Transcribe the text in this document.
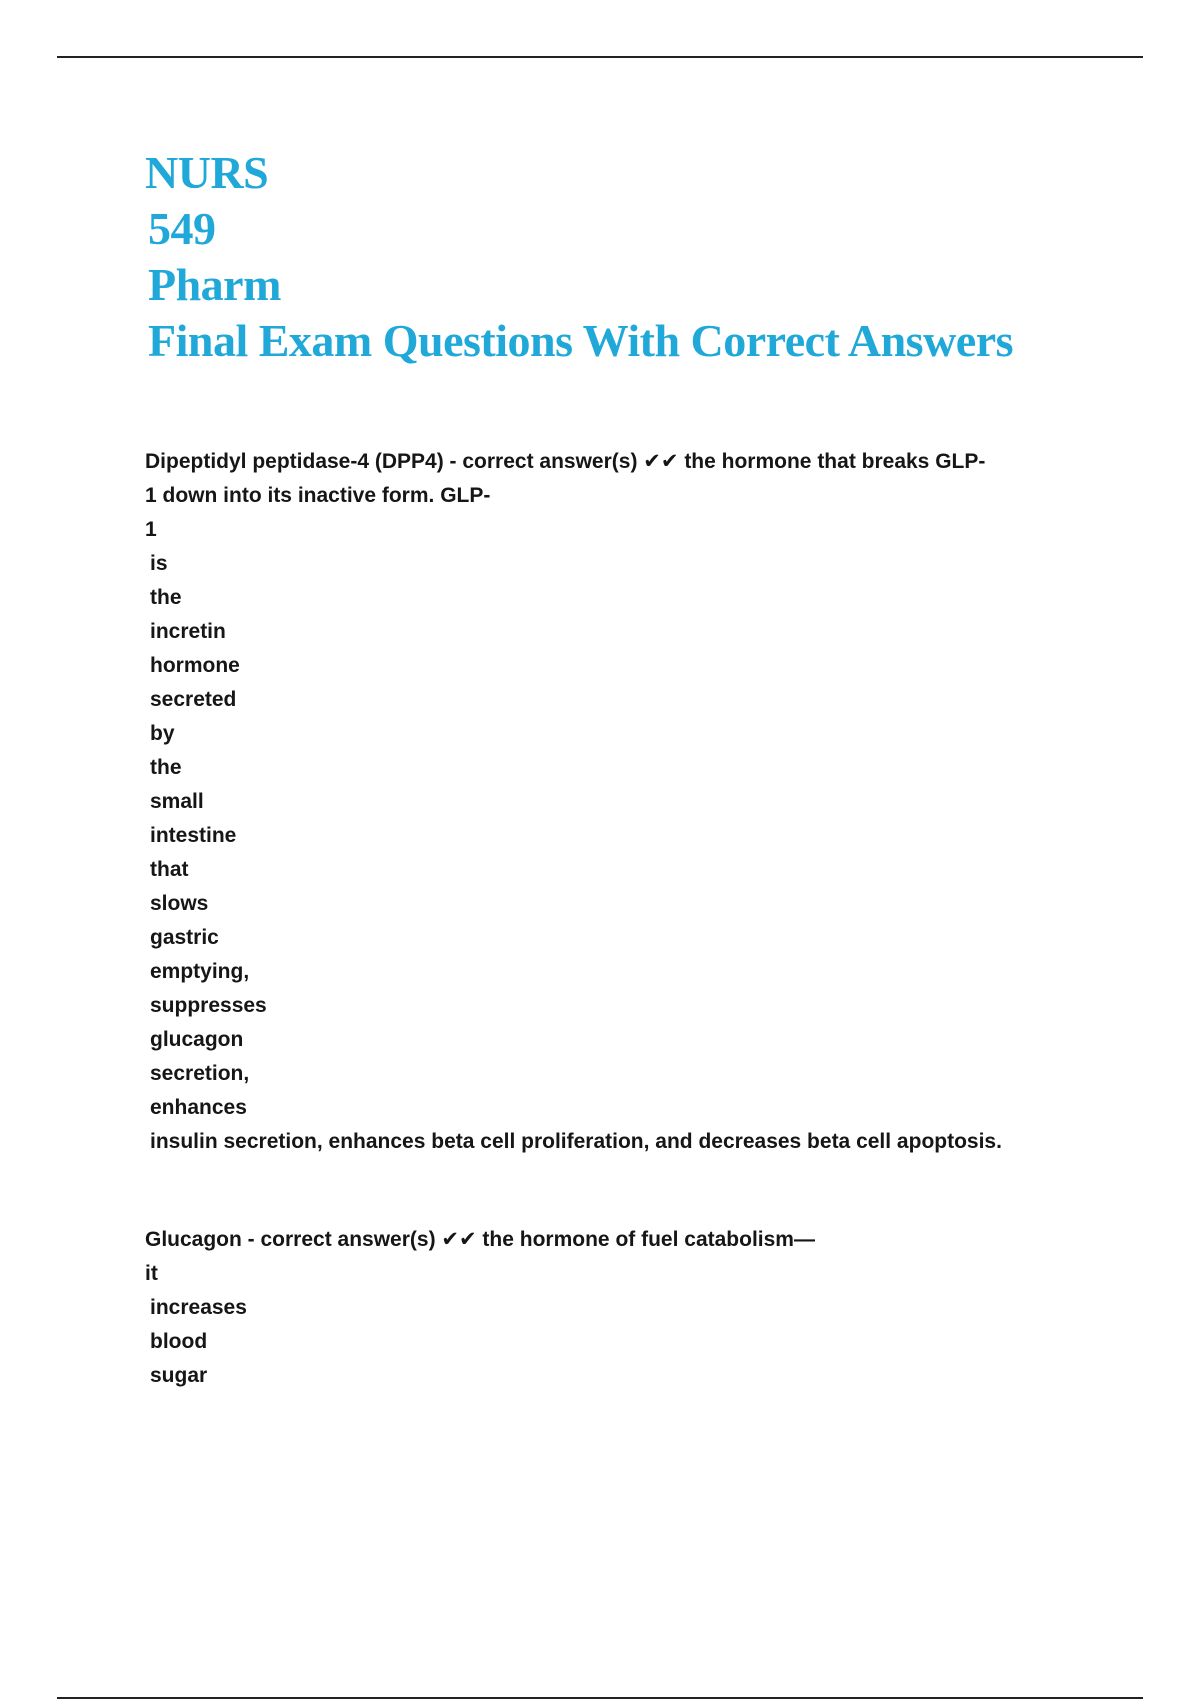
NURS
549
Pharm
Final Exam Questions With Correct Answers
Dipeptidyl peptidase-4 (DPP4) - correct answer(s) ✔✔ the hormone that breaks GLP-
1 down into its inactive form. GLP-
1
is
the
incretin
hormone
secreted
by
the
small
intestine
that
slows
gastric
emptying,
suppresses
glucagon
secretion,
enhances
insulin secretion, enhances beta cell proliferation, and decreases beta cell apoptosis.
Glucagon - correct answer(s) ✔✔ the hormone of fuel catabolism—
it
increases
blood
sugar
